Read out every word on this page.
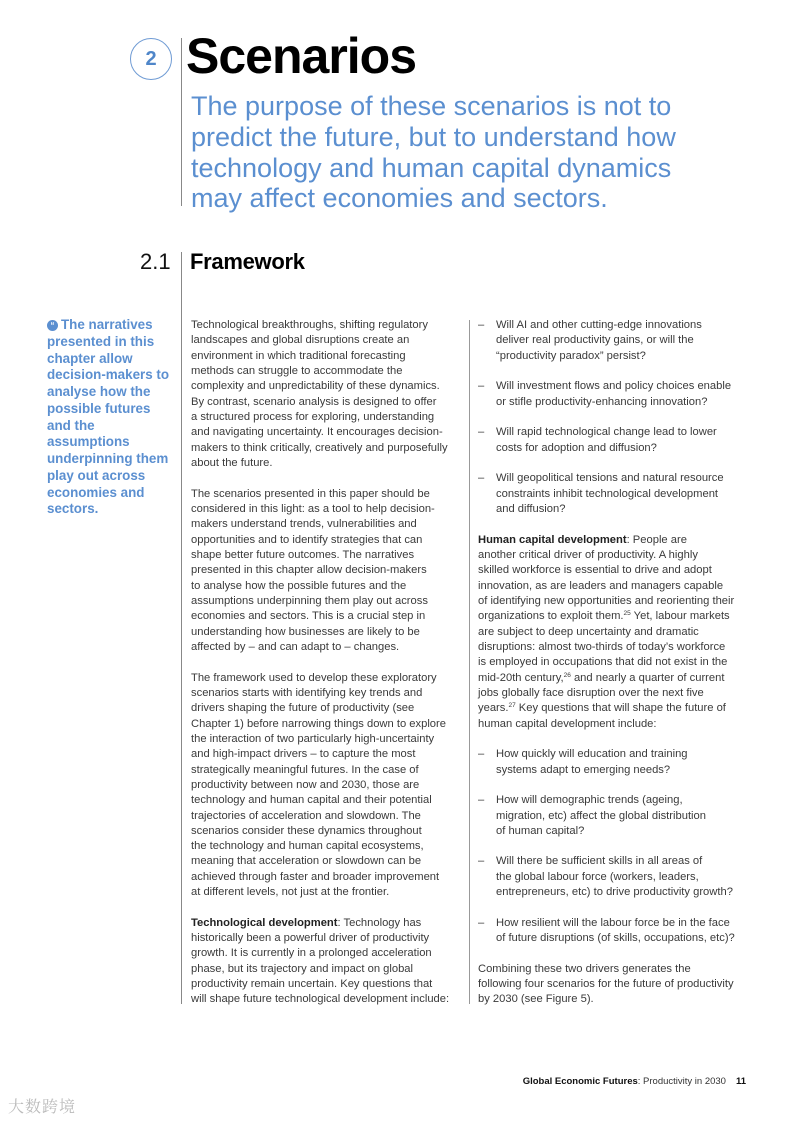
2 Scenarios

The purpose of these scenarios is not to predict the future, but to understand how technology and human capital dynamics may affect economies and sectors.

2.1 Framework
“ The narratives presented in this chapter allow decision-makers to analyse how the possible futures and the assumptions underpinning them play out across economies and sectors.
Technological breakthroughs, shifting regulatory
landscapes and global disruptions create an
environment in which traditional forecasting
methods can struggle to accommodate the
complexity and unpredictability of these dynamics.
By contrast, scenario analysis is designed to offer
a structured process for exploring, understanding
and navigating uncertainty. It encourages decision-
makers to think critically, creatively and purposefully
about the future.
The scenarios presented in this paper should be
considered in this light: as a tool to help decision-
makers understand trends, vulnerabilities and
opportunities and to identify strategies that can
shape better future outcomes. The narratives
presented in this chapter allow decision-makers
to analyse how the possible futures and the
assumptions underpinning them play out across
economies and sectors. This is a crucial step in
understanding how businesses are likely to be
affected by – and can adapt to – changes.
The framework used to develop these exploratory
scenarios starts with identifying key trends and
drivers shaping the future of productivity (see
Chapter 1) before narrowing things down to explore
the interaction of two particularly high-uncertainty
and high-impact drivers – to capture the most
strategically meaningful futures. In the case of
productivity between now and 2030, those are
technology and human capital and their potential
trajectories of acceleration and slowdown. The
scenarios consider these dynamics throughout
the technology and human capital ecosystems,
meaning that acceleration or slowdown can be
achieved through faster and broader improvement
at different levels, not just at the frontier.
Technological development: Technology has
historically been a powerful driver of productivity
growth. It is currently in a prolonged acceleration
phase, but its trajectory and impact on global
productivity remain uncertain. Key questions that
will shape future technological development include:
– Will AI and other cutting-edge innovations
deliver real productivity gains, or will the
“productivity paradox” persist?
– Will investment flows and policy choices enable
or stifle productivity-enhancing innovation?
– Will rapid technological change lead to lower
costs for adoption and diffusion?
– Will geopolitical tensions and natural resource
constraints inhibit technological development
and diffusion?
Human capital development: People are
another critical driver of productivity. A highly
skilled workforce is essential to drive and adopt
innovation, as are leaders and managers capable
of identifying new opportunities and reorienting their
organizations to exploit them.$^{25}$ Yet, labour markets
are subject to deep uncertainty and dramatic
disruptions: almost two-thirds of today’s workforce
is employed in occupations that did not exist in the
mid-20th century,$^{26}$ and nearly a quarter of current
jobs globally face disruption over the next five
years.$^{27}$ Key questions that will shape the future of
human capital development include:
– How quickly will education and training
systems adapt to emerging needs?
– How will demographic trends (ageing,
migration, etc) affect the global distribution
of human capital?
– Will there be sufficient skills in all areas of
the global labour force (workers, leaders,
entrepreneurs, etc) to drive productivity growth?
– How resilient will the labour force be in the face
of future disruptions (of skills, occupations, etc)?
Combining these two drivers generates the
following four scenarios for the future of productivity
by 2030 (see Figure 5).
Global Economic Futures: Productivity in 2030 11
大数跨境
